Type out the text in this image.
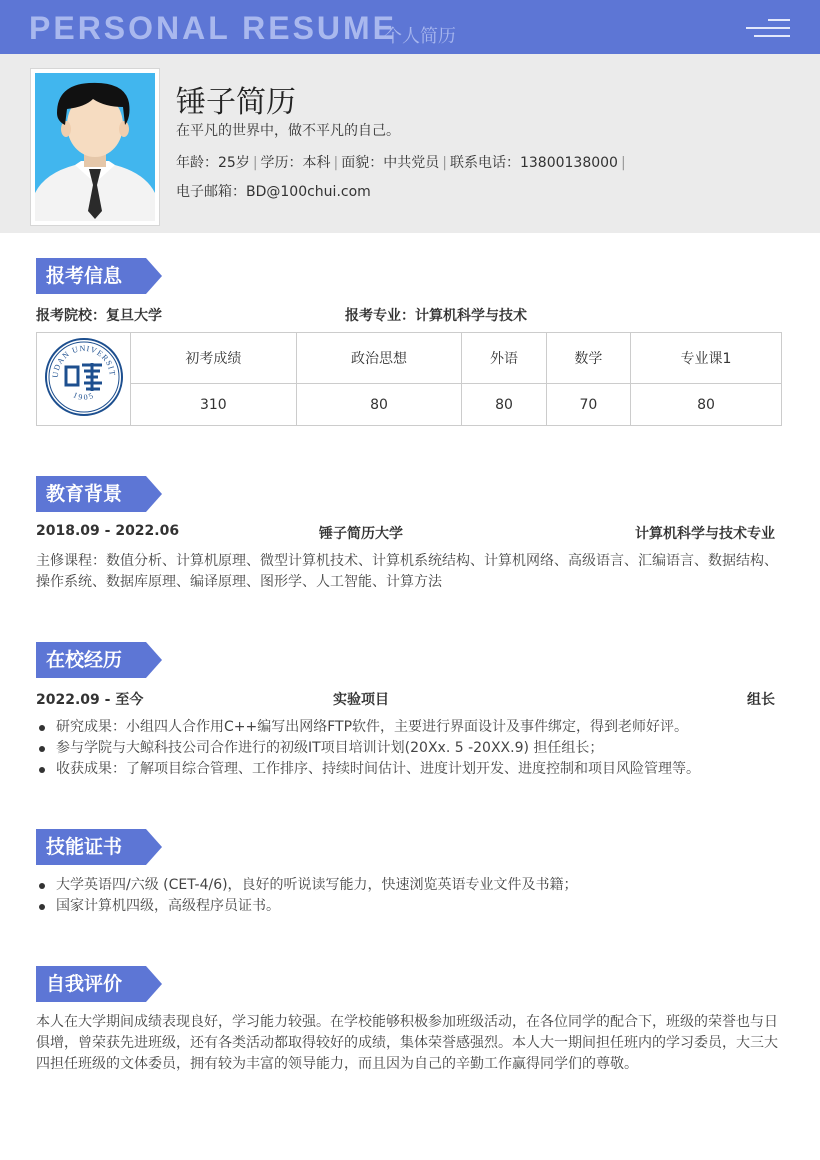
PERSONAL RESUME
个人简历
锤子简历
在平凡的世界中，做不平凡的自己。
年龄：25岁 | 学历：本科 | 面貌：中共党员 | 联系电话：13800138000 |
电子邮箱：BD@100chui.com
报考信息
报考院校：复旦大学	报考专业：计算机科学与技术
UDAN UNIVERSIT
1905	初考成绩	政治思想	外语	数学	专业课1
	310	80	80	70	80
教育背景
2018.09 - 2022.06	锤子简历大学	计算机科学与技术专业
主修课程：数值分析、计算机原理、微型计算机技术、计算机系统结构、计算机网络、高级语言、汇编语言、数据结构、操作系统、数据库原理、编译原理、图形学、人工智能、计算方法
在校经历
2022.09 - 至今	实验项目	组长
研究成果：小组四人合作用C++编写出网络FTP软件，主要进行界面设计及事件绑定，得到老师好评。
参与学院与大鲸科技公司合作进行的初级IT项目培训计划(20Xx. 5 -20XX.9) 担任组长；
收获成果：了解项目综合管理、工作排序、持续时间估计、进度计划开发、进度控制和项目风险管理等。
技能证书
大学英语四/六级 (CET-4/6)，良好的听说读写能力，快速浏览英语专业文件及书籍；
国家计算机四级，高级程序员证书。
自我评价
本人在大学期间成绩表现良好，学习能力较强。在学校能够积极参加班级活动，在各位同学的配合下，班级的荣誉也与日俱增，曾荣获先进班级，还有各类活动都取得较好的成绩，集体荣誉感强烈。本人大一期间担任班内的学习委员，大三大四担任班级的文体委员，拥有较为丰富的领导能力，而且因为自己的辛勤工作赢得同学们的尊敬。
